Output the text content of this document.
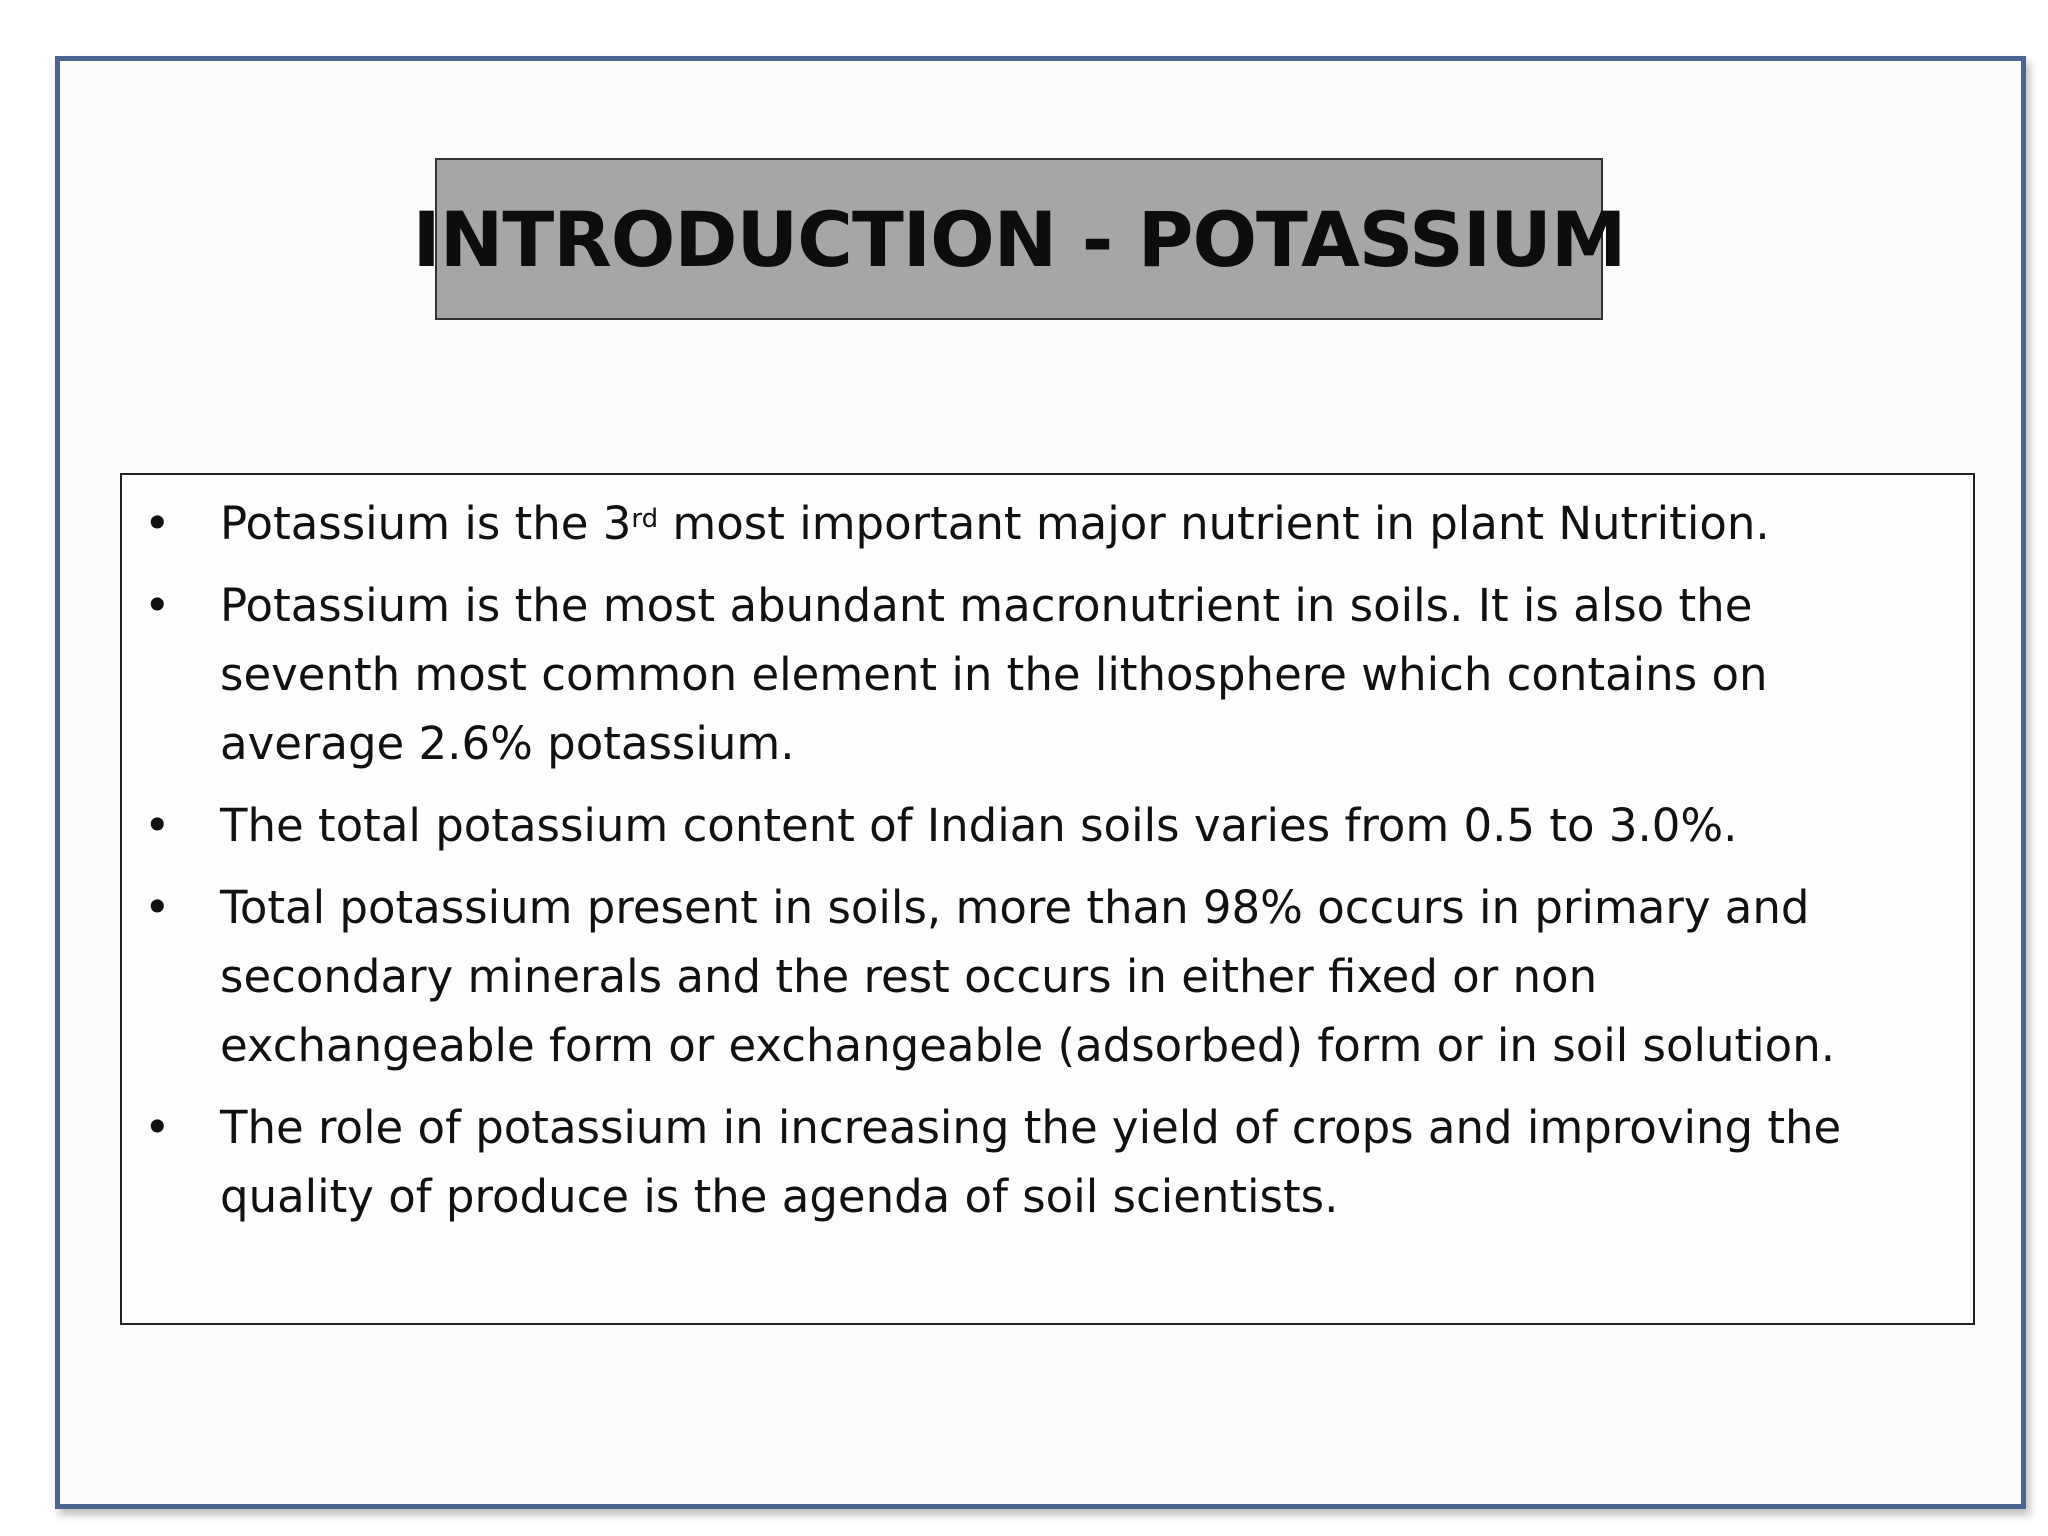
INTRODUCTION - POTASSIUM
• Potassium is the 3rd most important major nutrient in plant Nutrition.
• Potassium is the most abundant macronutrient in soils. It is also the seventh most common element in the lithosphere which contains on average 2.6% potassium.
• The total potassium content of Indian soils varies from 0.5 to 3.0%.
• Total potassium present in soils, more than 98% occurs in primary and secondary minerals and the rest occurs in either fixed or non exchangeable form or exchangeable (adsorbed) form or in soil solution.
• The role of potassium in increasing the yield of crops and improving the quality of produce is the agenda of soil scientists.
